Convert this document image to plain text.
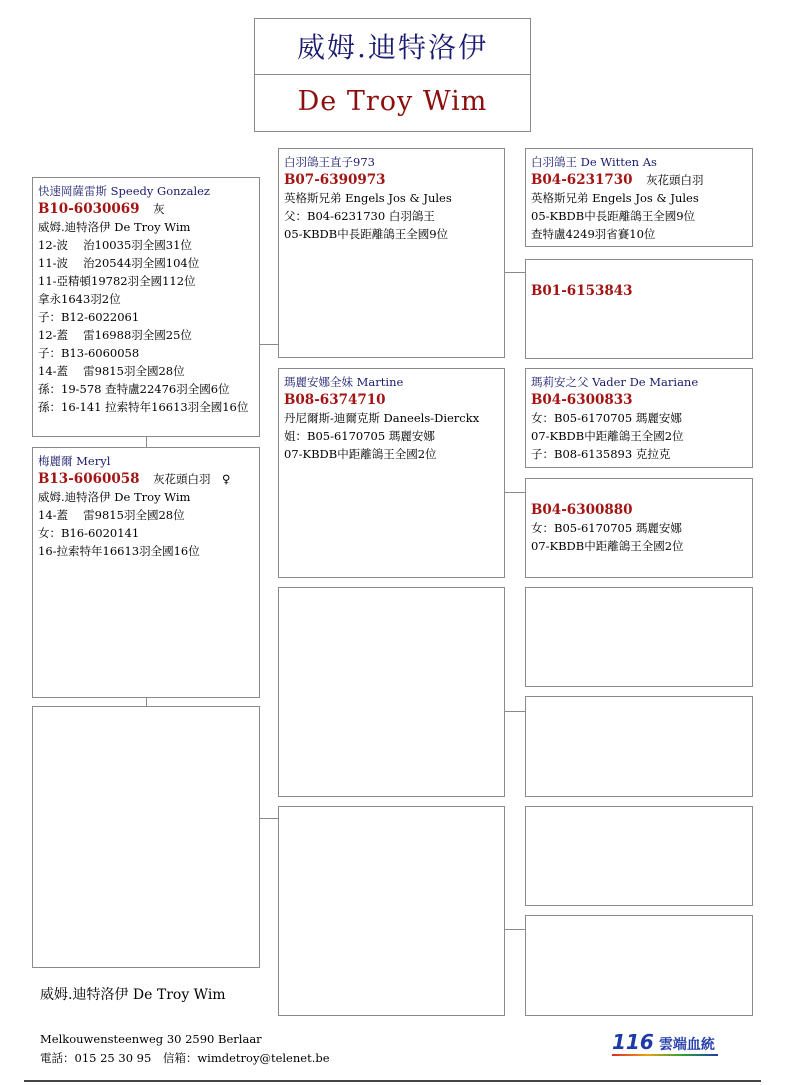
威姆.迪特洛伊
De Troy Wim
快速岡薩雷斯 Speedy Gonzalez
B10-6030069　 灰
威姆.迪特洛伊 De Troy Wim
12-波　 治10035羽全國31位
11-波　 治20544羽全國104位
11-亞精頓19782羽全國112位
拿永1643羽2位
子：B12-6022061
12-蓋　 雷16988羽全國25位
子：B13-6060058
14-蓋　 雷9815羽全國28位
孫：19-578 查特盧22476羽全國6位
孫：16-141 拉索特年16613羽全國16位
梅麗爾 Meryl
B13-6060058　 灰花頭白羽　♀
威姆.迪特洛伊 De Troy Wim
14-蓋　 雷9815羽全國28位
女：B16-6020141
16-拉索特年16613羽全國16位
白羽鴿王直子973
B07-6390973
英格斯兄弟 Engels Jos & Jules
父：B04-6231730 白羽鴿王
05-KBDB中長距離鴿王全國9位
瑪麗安娜全妹 Martine
B08-6374710
丹尼爾斯-迪爾克斯 Daneels-Dierckx
姐：B05-6170705 瑪麗安娜
07-KBDB中距離鴿王全國2位
白羽鴿王 De Witten As
B04-6231730　 灰花頭白羽
英格斯兄弟 Engels Jos & Jules
05-KBDB中長距離鴿王全國9位
查特盧4249羽省賽10位
B01-6153843
瑪莉安之父 Vader De Mariane
B04-6300833
女：B05-6170705 瑪麗安娜
07-KBDB中距離鴿王全國2位
子：B08-6135893 克拉克
B04-6300880
女：B05-6170705 瑪麗安娜
07-KBDB中距離鴿王全國2位
威姆.迪特洛伊 De Troy Wim
Melkouwensteenweg 30 2590 Berlaar
電話：015 25 30 95　信箱：wimdetroy@telenet.be
116 雲端血統
